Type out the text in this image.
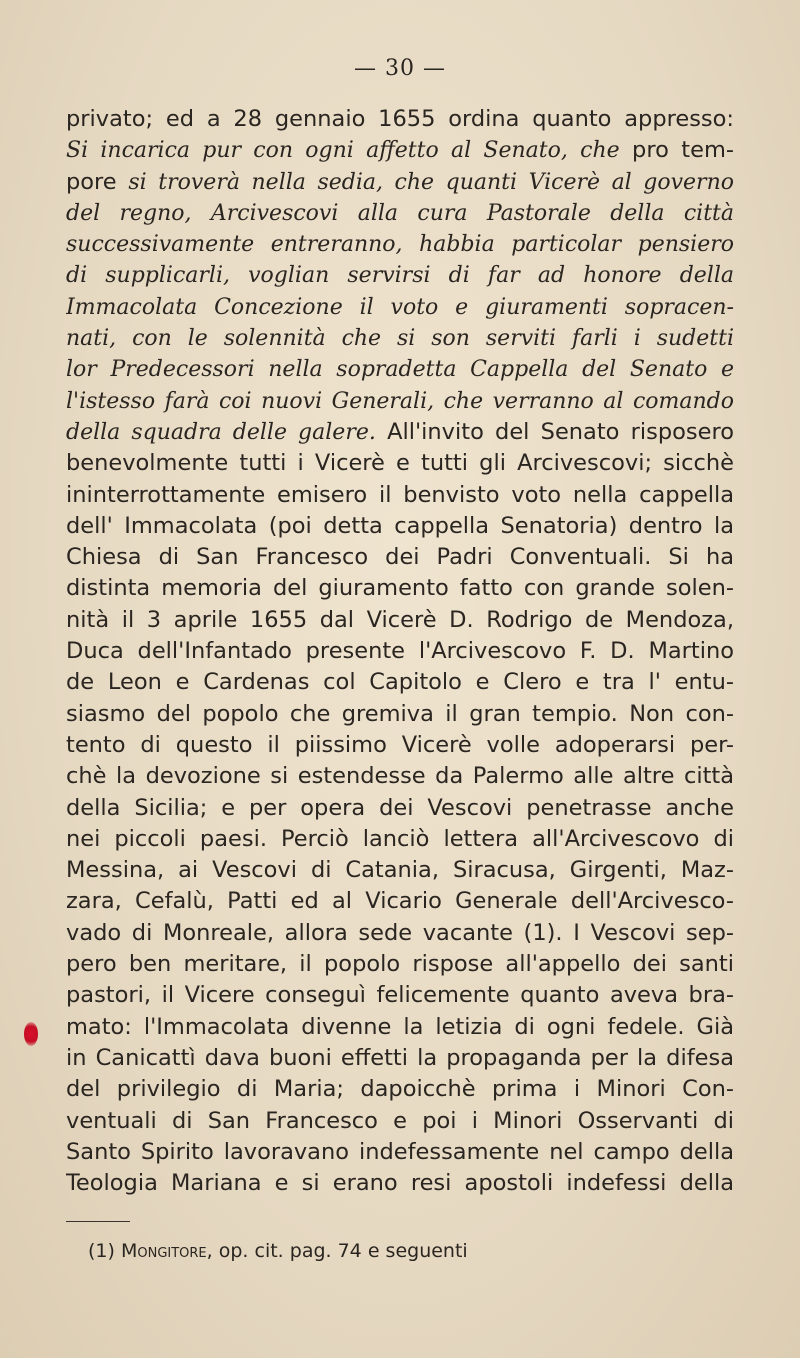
— 30 —
privato; ed a 28 gennaio 1655 ordina quanto appresso:
Si incarica pur con ogni affetto al Senato, che pro tem-
pore si troverà nella sedia, che quanti Vicerè al governo
del regno, Arcivescovi alla cura Pastorale della città
successivamente entreranno, habbia particolar pensiero
di supplicarli, voglian servirsi di far ad honore della
Immacolata Concezione il voto e giuramenti sopracen-
nati, con le solennità che si son serviti farli i sudetti
lor Predecessori nella sopradetta Cappella del Senato e
l'istesso farà coi nuovi Generali, che verranno al comando
della squadra delle galere. All'invito del Senato risposero
benevolmente tutti i Vicerè e tutti gli Arcivescovi; sicchè
ininterrottamente emisero il benvisto voto nella cappella
dell' Immacolata (poi detta cappella Senatoria) dentro la
Chiesa di San Francesco dei Padri Conventuali. Si ha
distinta memoria del giuramento fatto con grande solen-
nità il 3 aprile 1655 dal Vicerè D. Rodrigo de Mendoza,
Duca dell'Infantado presente l'Arcivescovo F. D. Martino
de Leon e Cardenas col Capitolo e Clero e tra l' entu-
siasmo del popolo che gremiva il gran tempio. Non con-
tento di questo il piissimo Vicerè volle adoperarsi per-
chè la devozione si estendesse da Palermo alle altre città
della Sicilia; e per opera dei Vescovi penetrasse anche
nei piccoli paesi. Perciò lanciò lettera all'Arcivescovo di
Messina, ai Vescovi di Catania, Siracusa, Girgenti, Maz-
zara, Cefalù, Patti ed al Vicario Generale dell'Arcivesco-
vado di Monreale, allora sede vacante (1). I Vescovi sep-
pero ben meritare, il popolo rispose all'appello dei santi
pastori, il Vicere conseguì felicemente quanto aveva bra-
mato: l'Immacolata divenne la letizia di ogni fedele. Già
in Canicattì dava buoni effetti la propaganda per la difesa
del privilegio di Maria; dapoicchè prima i Minori Con-
ventuali di San Francesco e poi i Minori Osservanti di
Santo Spirito lavoravano indefessamente nel campo della
Teologia Mariana e si erano resi apostoli indefessi della
(1) Mongitore, op. cit. pag. 74 e seguenti
